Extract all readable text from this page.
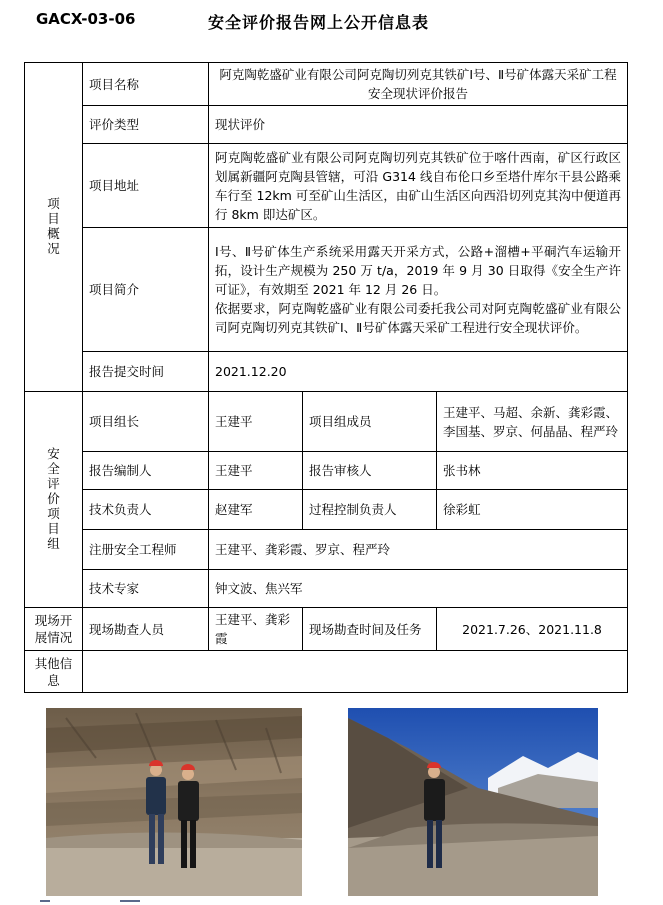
GACX-03-06	安全评价报告网上公开信息表
项目概况	项目名称	阿克陶乾盛矿业有限公司阿克陶切列克其铁矿Ⅰ号、Ⅱ号矿体露天采矿工程安全现状评价报告		
	评价类型	现状评价		
	项目地址	阿克陶乾盛矿业有限公司阿克陶切列克其铁矿位于喀什西南，矿区行政区划属新疆阿克陶县管辖，可沿 G314 线自布伦口乡至塔什库尔干县公路乘车行至 12km 可至矿山生活区，由矿山生活区向西沿切列克其沟中便道再行 8km 即达矿区。		
	项目简介	Ⅰ号、Ⅱ号矿体生产系统采用露天开采方式，公路+溜槽+平硐汽车运输开拓，设计生产规模为 250 万 t/a，2019 年 9 月 30 日取得《安全生产许可证》，有效期至 2021 年 12 月 26 日。
依据要求，阿克陶乾盛矿业有限公司委托我公司对阿克陶乾盛矿业有限公司阿克陶切列克其铁矿Ⅰ、Ⅱ号矿体露天采矿工程进行安全现状评价。		

	报告提交时间	2021.12.20		

安全评价项目组	项目组长	王建平	项目组成员	王建平、马超、余新、龚彩霞、李国基、罗京、何晶晶、程严玲
	报告编制人	王建平	报告审核人	张书林
	技术负责人	赵建军	过程控制负责人	徐彩虹
	注册安全工程师	王建平、龚彩霞、罗京、程严玲		
	技术专家	钟文波、焦兴军		
现场开展情况	现场勘查人员	王建平、龚彩霞	现场勘查时间及任务	2021.7.26、2021.11.8
其他信息				
